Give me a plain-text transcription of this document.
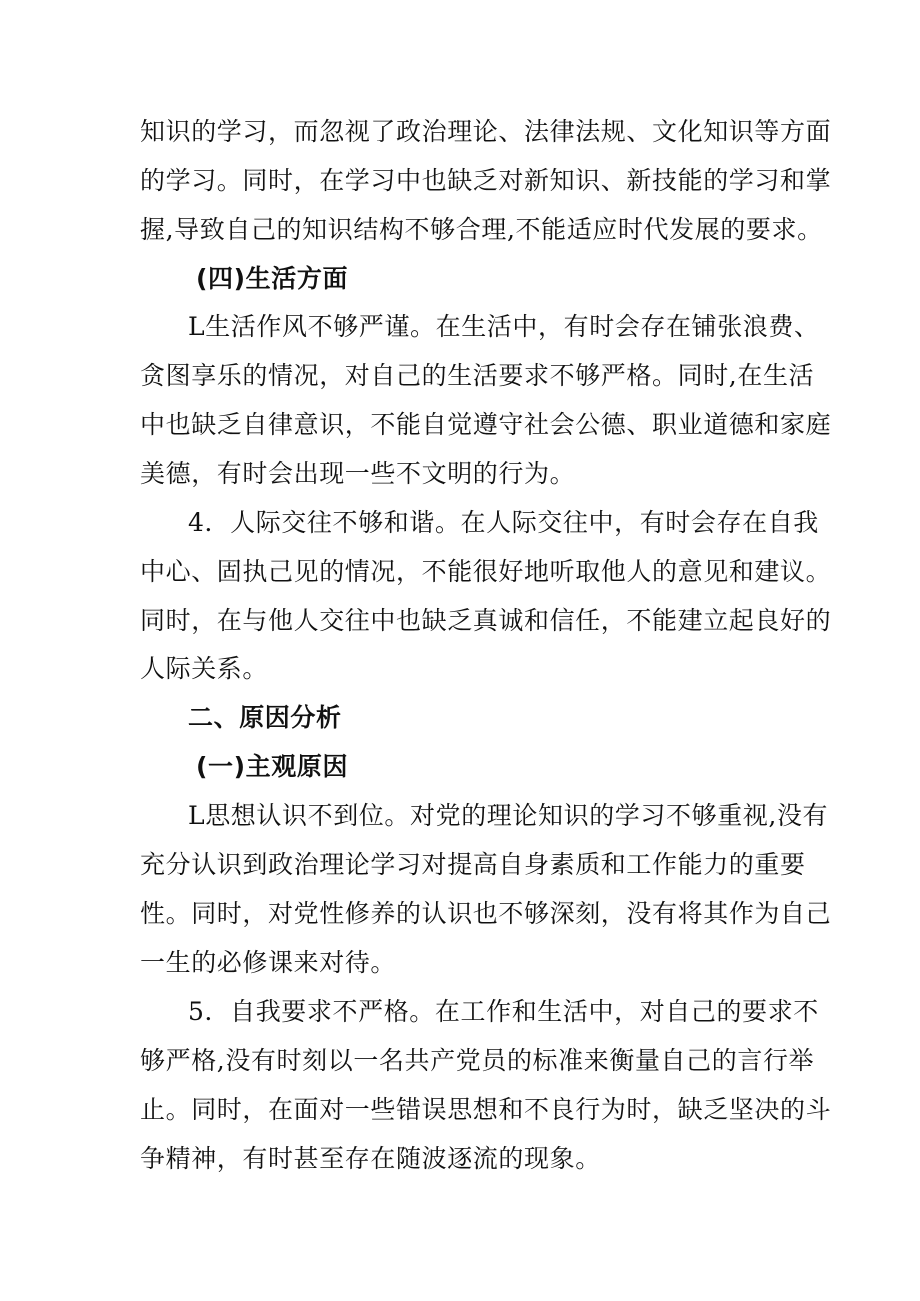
知识的学习，而忽视了政治理论、法律法规、文化知识等方面
的学习。同时，在学习中也缺乏对新知识、新技能的学习和掌
握,导致自己的知识结构不够合理,不能适应时代发展的要求。
(四)生活方面
L生活作风不够严谨。在生活中，有时会存在铺张浪费、
贪图享乐的情况，对自己的生活要求不够严格。同时,在生活
中也缺乏自律意识，不能自觉遵守社会公德、职业道德和家庭
美德，有时会出现一些不文明的行为。
4．人际交往不够和谐。在人际交往中，有时会存在自我
中心、固执己见的情况，不能很好地听取他人的意见和建议。
同时，在与他人交往中也缺乏真诚和信任，不能建立起良好的
人际关系。
二、原因分析
(一)主观原因
L思想认识不到位。对党的理论知识的学习不够重视,没有
充分认识到政治理论学习对提高自身素质和工作能力的重要
性。同时，对党性修养的认识也不够深刻，没有将其作为自己
一生的必修课来对待。
5．自我要求不严格。在工作和生活中，对自己的要求不
够严格,没有时刻以一名共产党员的标准来衡量自己的言行举
止。同时，在面对一些错误思想和不良行为时，缺乏坚决的斗
争精神，有时甚至存在随波逐流的现象。
